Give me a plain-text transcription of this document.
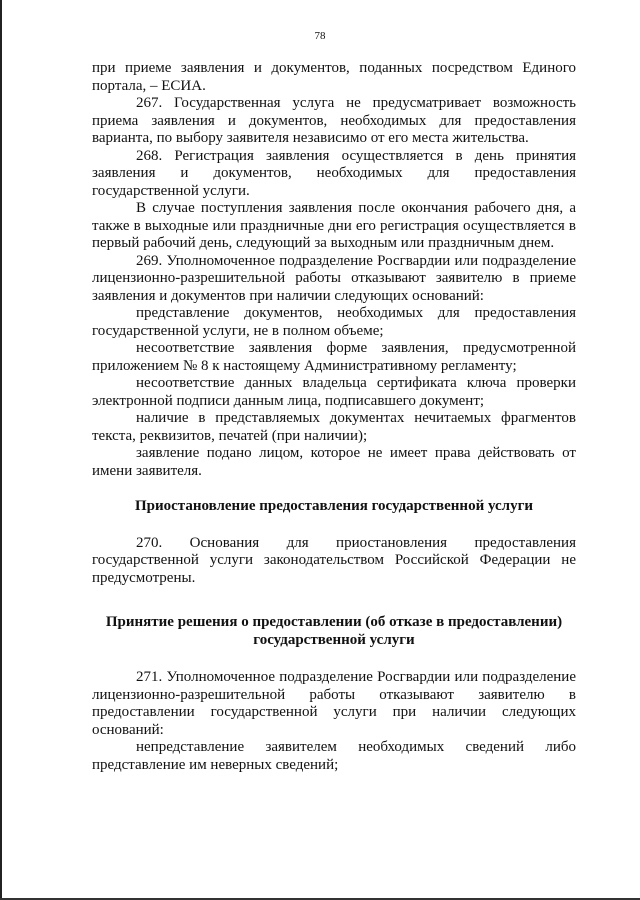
78

при приеме заявления и документов, поданных посредством Единого портала, – ЕСИА.

267. Государственная услуга не предусматривает возможность приема заявления и документов, необходимых для предоставления варианта, по выбору заявителя независимо от его места жительства.

268. Регистрация заявления осуществляется в день принятия заявления и документов, необходимых для предоставления государственной услуги.

В случае поступления заявления после окончания рабочего дня, а также в выходные или праздничные дни его регистрация осуществляется в первый рабочий день, следующий за выходным или праздничным днем.

269. Уполномоченное подразделение Росгвардии или подразделение лицензионно-разрешительной работы отказывают заявителю в приеме заявления и документов при наличии следующих оснований:

представление документов, необходимых для предоставления государственной услуги, не в полном объеме;

несоответствие заявления форме заявления, предусмотренной приложением № 8 к настоящему Административному регламенту;

несоответствие данных владельца сертификата ключа проверки электронной подписи данным лица, подписавшего документ;

наличие в представляемых документах нечитаемых фрагментов текста, реквизитов, печатей (при наличии);

заявление подано лицом, которое не имеет права действовать от имени заявителя.

Приостановление предоставления государственной услуги

270. Основания для приостановления предоставления государственной услуги законодательством Российской Федерации не предусмотрены.

Принятие решения о предоставлении (об отказе в предоставлении)
государственной услуги

271. Уполномоченное подразделение Росгвардии или подразделение лицензионно-разрешительной работы отказывают заявителю в предоставлении государственной услуги при наличии следующих оснований:

непредставление заявителем необходимых сведений либо представление им неверных сведений;
